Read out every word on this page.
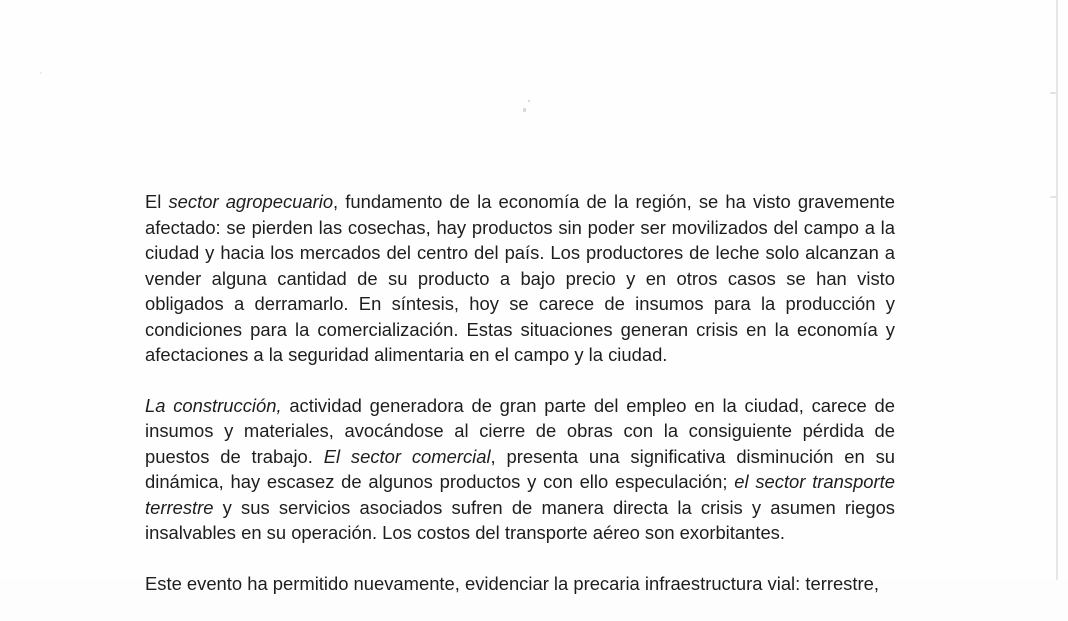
El sector agropecuario, fundamento de la economía de la región, se ha visto gravemente afectado: se pierden las cosechas, hay productos sin poder ser movilizados del campo a la ciudad y hacia los mercados del centro del país. Los productores de leche solo alcanzan a vender alguna cantidad de su producto a bajo precio y en otros casos se han visto obligados a derramarlo. En síntesis, hoy se carece de insumos para la producción y condiciones para la comercialización. Estas situaciones generan crisis en la economía y afectaciones a la seguridad alimentaria en el campo y la ciudad.

La construcción, actividad generadora de gran parte del empleo en la ciudad, carece de insumos y materiales, avocándose al cierre de obras con la consiguiente pérdida de puestos de trabajo. El sector comercial, presenta una significativa disminución en su dinámica, hay escasez de algunos productos y con ello especulación; el sector transporte terrestre y sus servicios asociados sufren de manera directa la crisis y asumen riegos insalvables en su operación. Los costos del transporte aéreo son exorbitantes.

Este evento ha permitido nuevamente, evidenciar la precaria infraestructura vial: terrestre,
